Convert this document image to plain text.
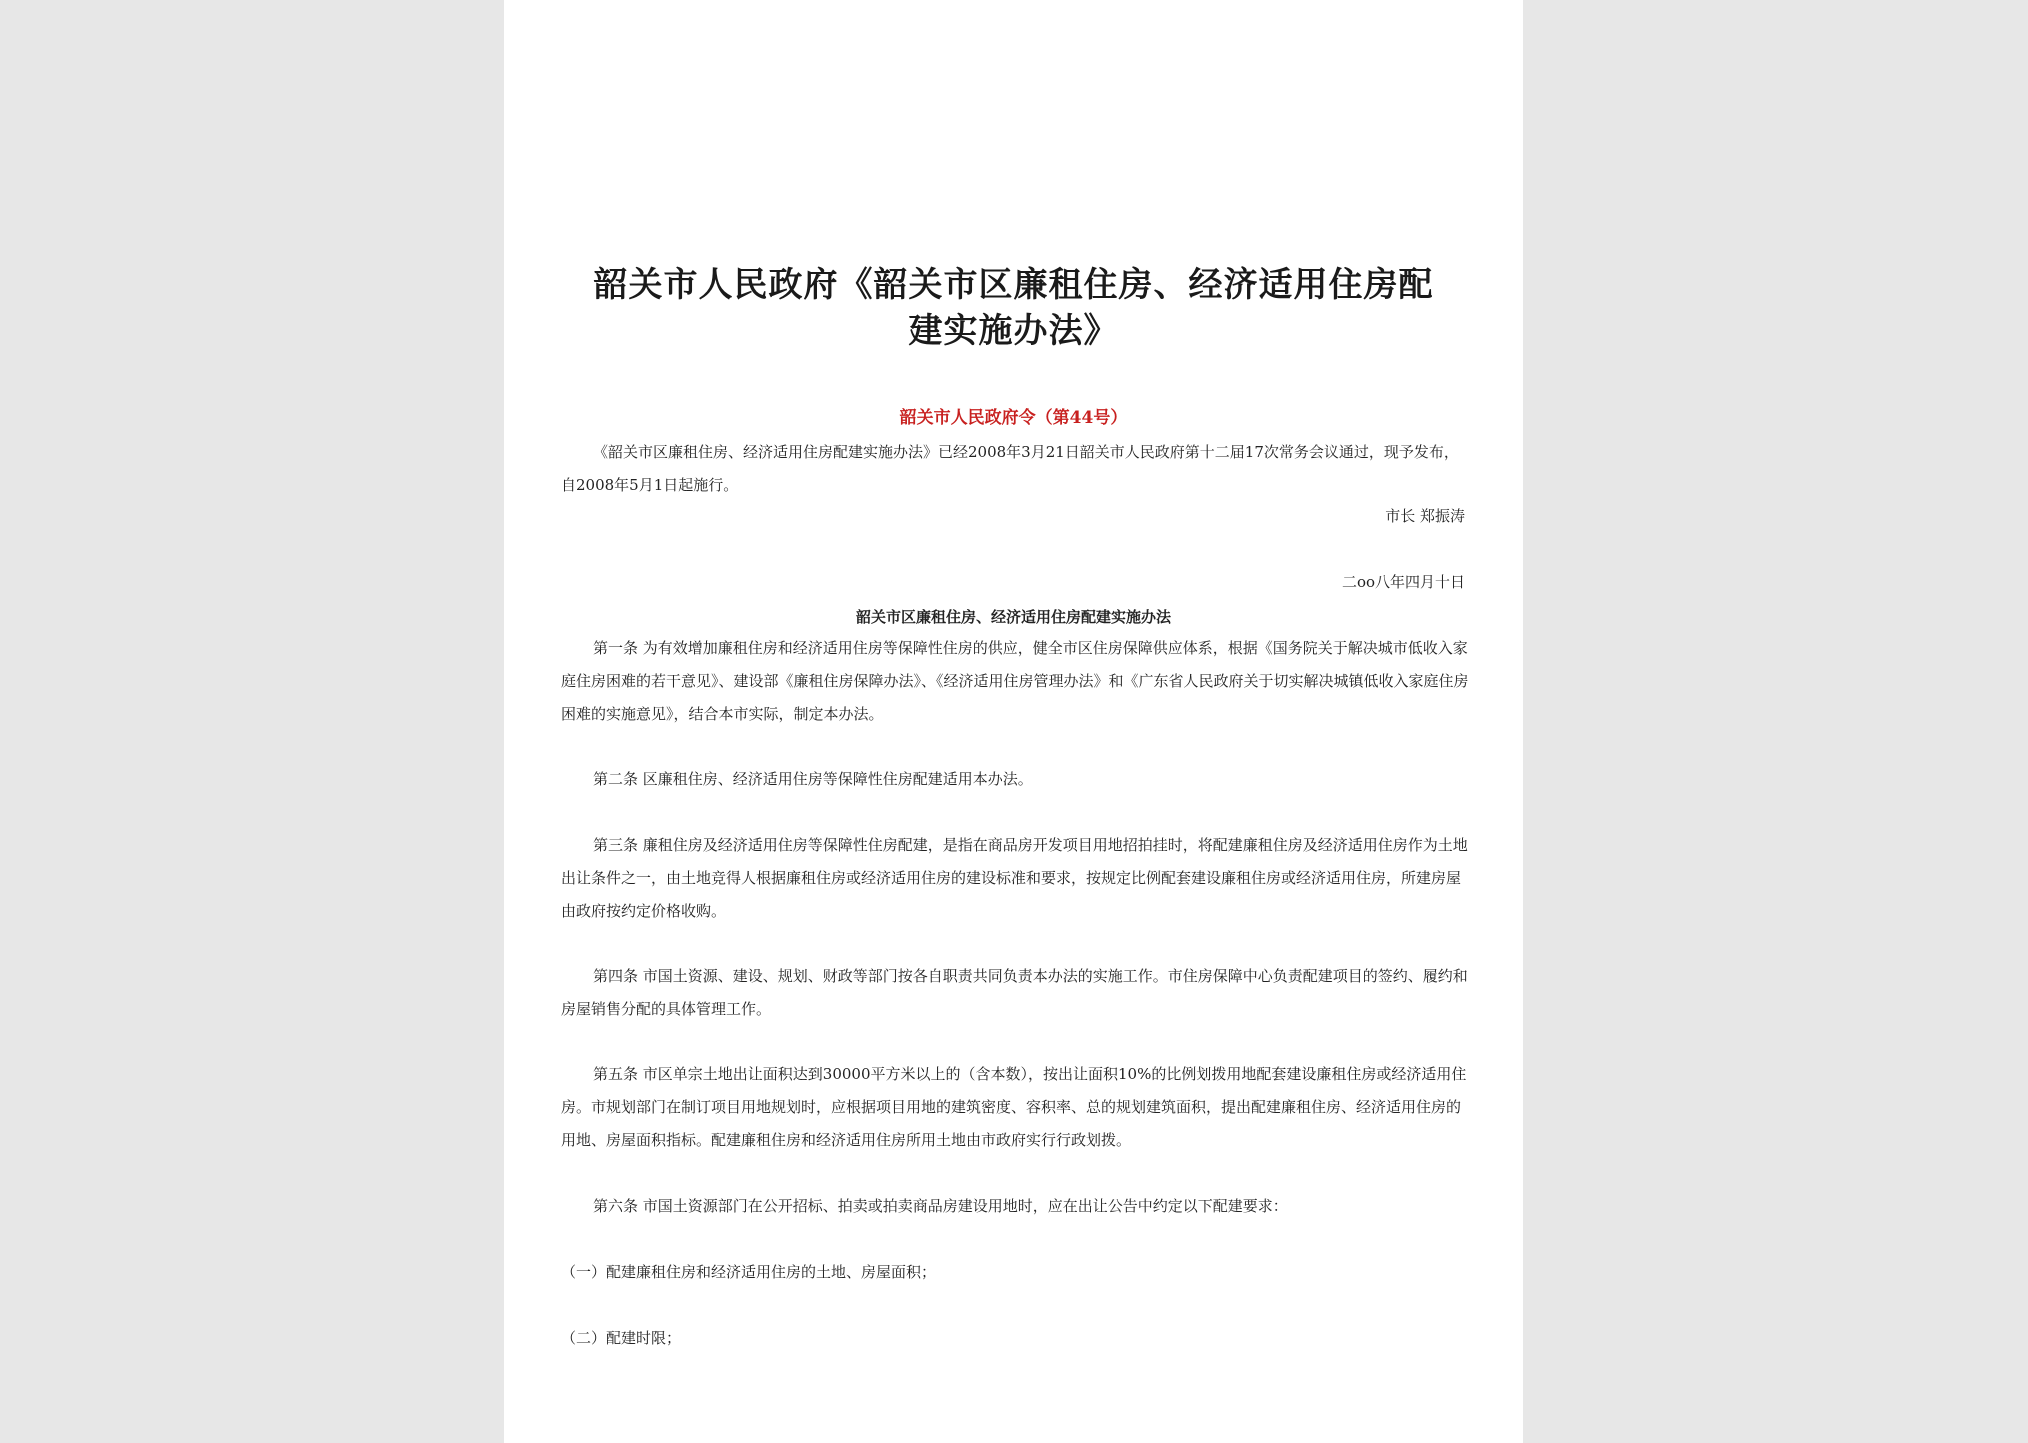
韶关市人民政府《韶关市区廉租住房、经济适用住房配
建实施办法》
韶关市人民政府令（第44号）
《韶关市区廉租住房、经济适用住房配建实施办法》已经2008年3月21日韶关市人民政府第十二届17次常务会议通过，现予发布，自2008年5月1日起施行。
市长 郑振涛
二oo八年四月十日
韶关市区廉租住房、经济适用住房配建实施办法
第一条 为有效增加廉租住房和经济适用住房等保障性住房的供应，健全市区住房保障供应体系，根据《国务院关于解决城市低收入家庭住房困难的若干意见》、建设部《廉租住房保障办法》、《经济适用住房管理办法》和《广东省人民政府关于切实解决城镇低收入家庭住房困难的实施意见》，结合本市实际，制定本办法。
第二条 区廉租住房、经济适用住房等保障性住房配建适用本办法。
第三条 廉租住房及经济适用住房等保障性住房配建，是指在商品房开发项目用地招拍挂时，将配建廉租住房及经济适用住房作为土地出让条件之一，由土地竞得人根据廉租住房或经济适用住房的建设标准和要求，按规定比例配套建设廉租住房或经济适用住房，所建房屋由政府按约定价格收购。
第四条 市国土资源、建设、规划、财政等部门按各自职责共同负责本办法的实施工作。市住房保障中心负责配建项目的签约、履约和房屋销售分配的具体管理工作。
第五条 市区单宗土地出让面积达到30000平方米以上的（含本数），按出让面积10%的比例划拨用地配套建设廉租住房或经济适用住房。市规划部门在制订项目用地规划时，应根据项目用地的建筑密度、容积率、总的规划建筑面积，提出配建廉租住房、经济适用住房的用地、房屋面积指标。配建廉租住房和经济适用住房所用土地由市政府实行行政划拨。
第六条 市国土资源部门在公开招标、拍卖或拍卖商品房建设用地时，应在出让公告中约定以下配建要求：
（一）配建廉租住房和经济适用住房的土地、房屋面积；
（二）配建时限；
